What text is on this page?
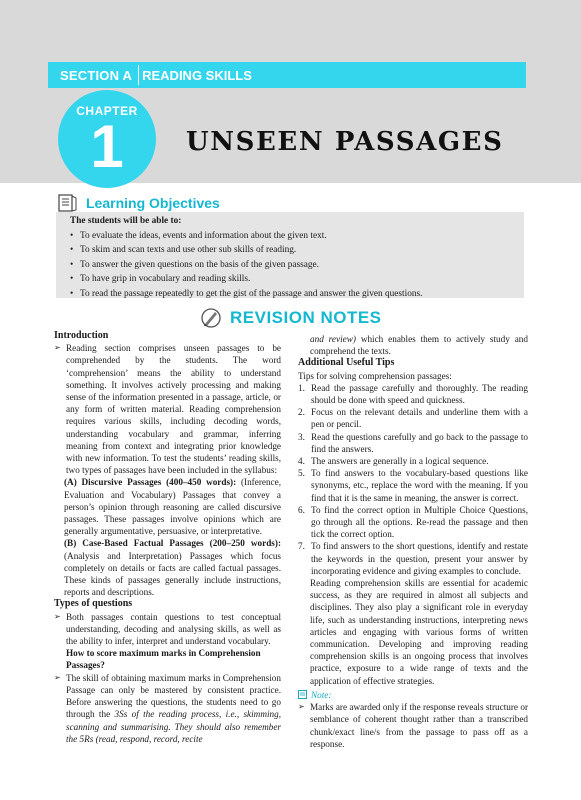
SECTION A READING SKILLS
CHAPTER
1	UNSEEN PASSAGES
Learning Objectives
The students will be able to:
• To evaluate the ideas, events and information about the given text.
• To skim and scan texts and use other sub skills of reading.
• To answer the given questions on the basis of the given passage.
• To have grip in vocabulary and reading skills.
• To read the passage repeatedly to get the gist of the passage and answer the given questions.
REVISION NOTES
Introduction
➢ Reading section comprises unseen passages to be comprehended by the students. The word ‘comprehension’ means the ability to understand something. It involves actively processing and making sense of the information presented in a passage, article, or any form of written material. Reading comprehension requires various skills, including decoding words, understanding vocabulary and grammar, inferring meaning from context and integrating prior knowledge with new information. To test the students’ reading skills, two types of passages have been included in the syllabus:
(A) Discursive Passages (400–450 words): (Inference, Evaluation and Vocabulary) Passages that convey a person’s opinion through reasoning are called discursive passages. These passages involve opinions which are generally argumentative, persuasive, or interpretative.
(B) Case-Based Factual Passages (200–250 words): (Analysis and Interpretation) Passages which focus completely on details or facts are called factual passages. These kinds of passages generally include instructions, reports and descriptions.
Types of questions
➢ Both passages contain questions to test conceptual understanding, decoding and analysing skills, as well as the ability to infer, interpret and understand vocabulary.
How to score maximum marks in Comprehension Passages?
➢ The skill of obtaining maximum marks in Comprehension Passage can only be mastered by consistent practice. Before answering the questions, the students need to go through the 3Ss of the reading process, i.e., skimming, scanning and summarising. They should also remember the 5Rs (read, respond, record, recite
and review) which enables them to actively study and comprehend the texts.
Additional Useful Tips
Tips for solving comprehension passages:
1. Read the passage carefully and thoroughly. The reading should be done with speed and quickness.
2. Focus on the relevant details and underline them with a pen or pencil.
3. Read the questions carefully and go back to the passage to find the answers.
4. The answers are generally in a logical sequence.
5. To find answers to the vocabulary-based questions like synonyms, etc., replace the word with the meaning. If you find that it is the same in meaning, the answer is correct.
6. To find the correct option in Multiple Choice Questions, go through all the options. Re-read the passage and then tick the correct option.
7. To find answers to the short questions, identify and restate the keywords in the question, present your answer by incorporating evidence and giving examples to conclude.
Reading comprehension skills are essential for academic success, as they are required in almost all subjects and disciplines. They also play a significant role in everyday life, such as understanding instructions, interpreting news articles and engaging with various forms of written communication. Developing and improving reading comprehension skills is an ongoing process that involves practice, exposure to a wide range of texts and the application of effective strategies.
Note:
➢ Marks are awarded only if the response reveals structure or semblance of coherent thought rather than a transcribed chunk/exact line/s from the passage to pass off as a response.
